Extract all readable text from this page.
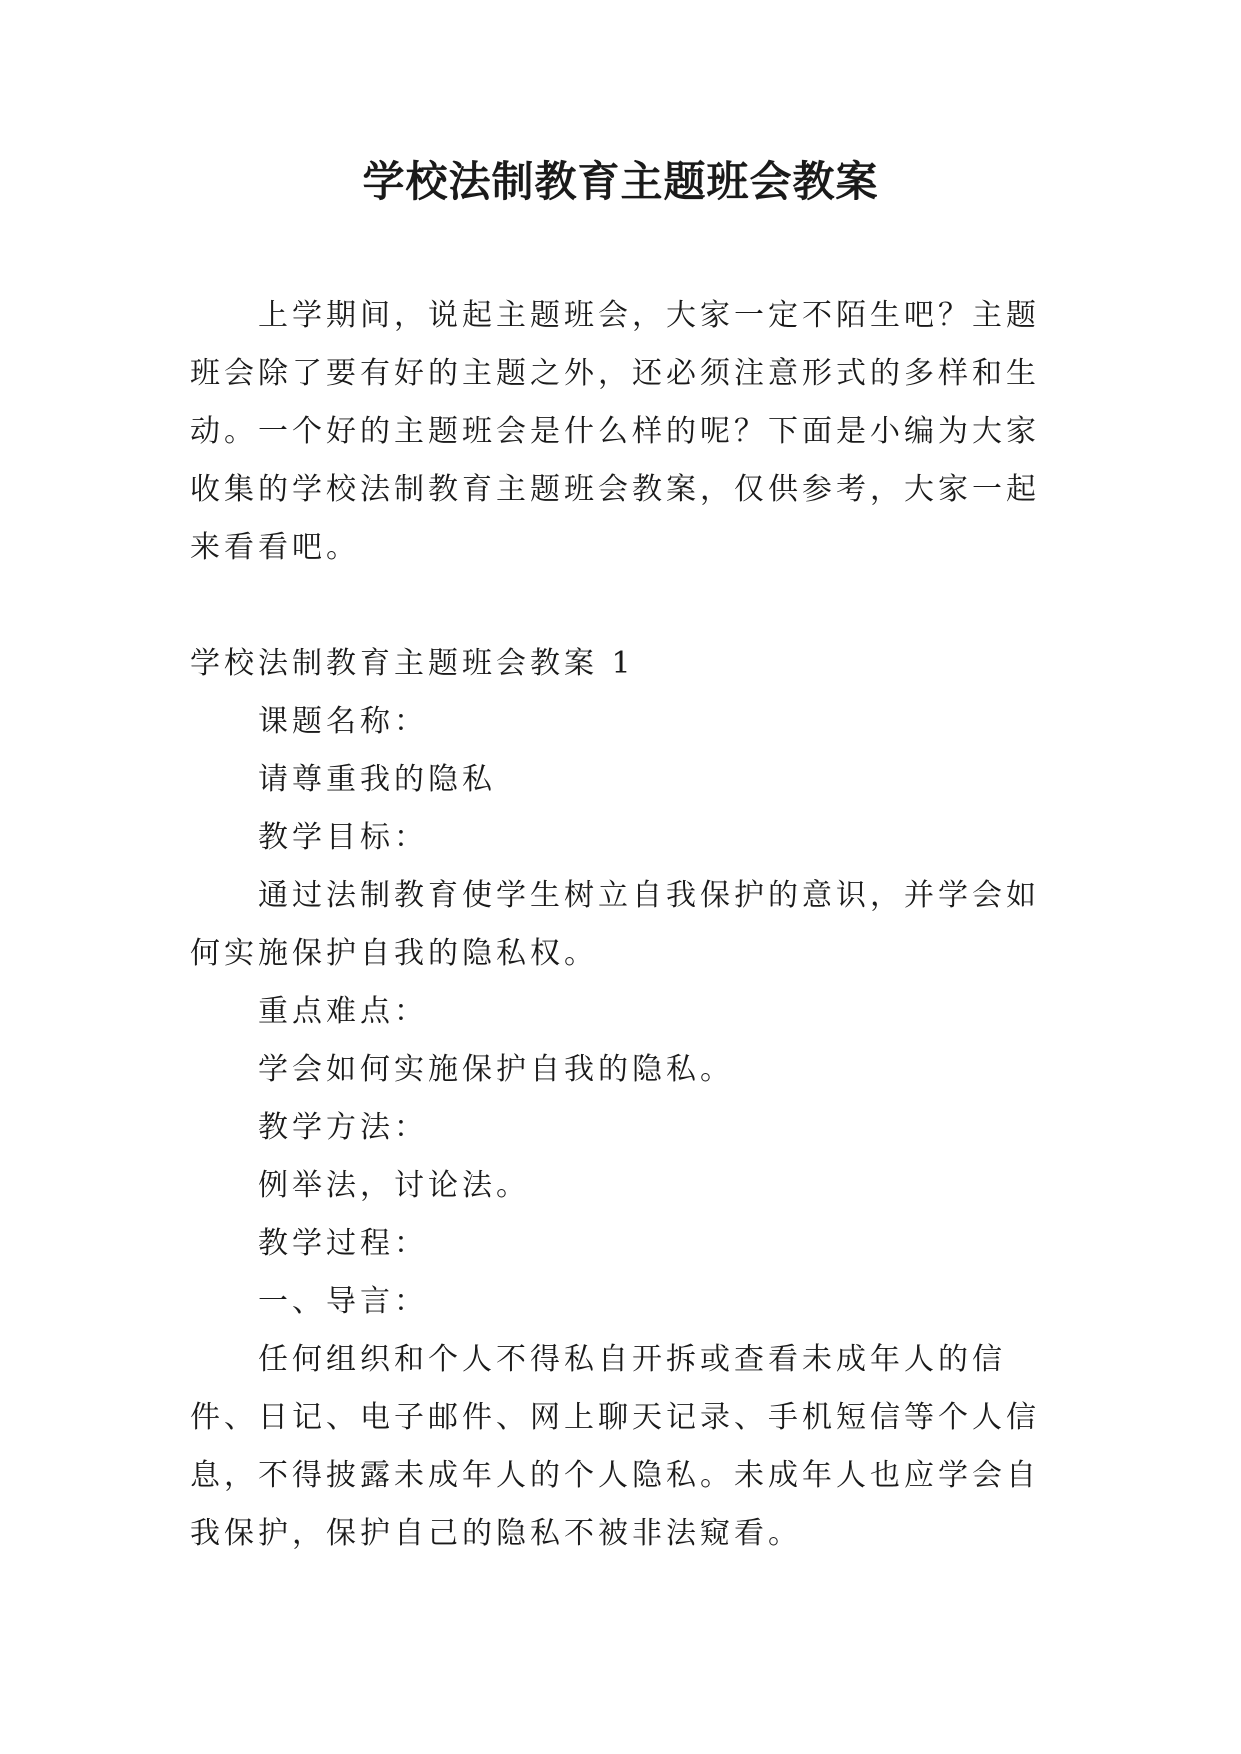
学校法制教育主题班会教案

上学期间，说起主题班会，大家一定不陌生吧？主题班会除了要有好的主题之外，还必须注意形式的多样和生动。一个好的主题班会是什么样的呢？下面是小编为大家收集的学校法制教育主题班会教案，仅供参考，大家一起来看看吧。

学校法制教育主题班会教案 1

课题名称：

请尊重我的隐私

教学目标：

通过法制教育使学生树立自我保护的意识，并学会如何实施保护自我的隐私权。

重点难点：

学会如何实施保护自我的隐私。

教学方法：

例举法，讨论法。

教学过程：

一、导言：

任何组织和个人不得私自开拆或查看未成年人的信件、日记、电子邮件、网上聊天记录、手机短信等个人信息，不得披露未成年人的个人隐私。未成年人也应学会自我保护，保护自己的隐私不被非法窥看。
